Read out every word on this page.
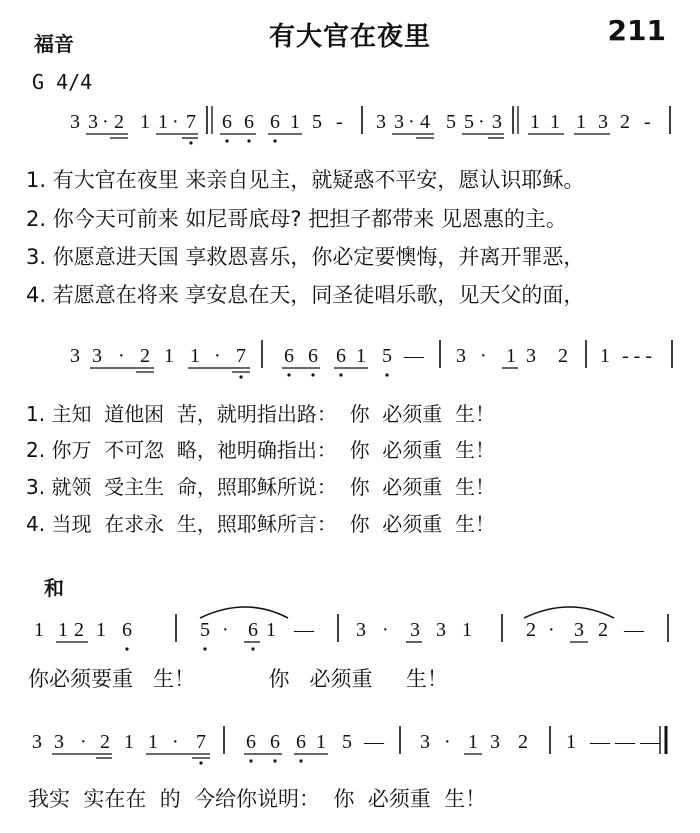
福音	有大官在夜里	211
G 4/4
3 3 · 2 1 1 · 7 6 6 6 1 5 - 3 3 · 4 5 5 · 3 1 1 1 3 2 -
1. 有大官在夜里 来亲自见主，就疑惑不平安，愿认识耶稣。
2. 你今天可前来 如尼哥底母? 把担子都带来 见恩惠的主。
3. 你愿意进天国 享救恩喜乐，你必定要懊悔，并离开罪恶，
4. 若愿意在将来 享安息在天，同圣徒唱乐歌，见天父的面，
3 3 · 2 1 1 · 7 6 6 6 1 5 — 3 · 1 3 2 1 - - -
1. 主知  道他困  苦，就明指出路：  你  必须重  生！
2. 你万  不可忽  略，祂明确指出：  你  必须重  生！
3. 就领  受主生  命，照耶稣所说：  你  必须重  生！
4. 当现  在求永  生，照耶稣所言：  你  必须重  生！
和
1 1 2 1 6	5 · 6 1 — 3 · 3 3 1	2 · 3 2 —
你必须要重   生！           你   必须重     生！
3 3 · 2 1 1 · 7 6 6 6 1 5 — 3 · 1 3 2 1 — — —
我实  实在在  的  今给你说明：  你  必须重  生！
